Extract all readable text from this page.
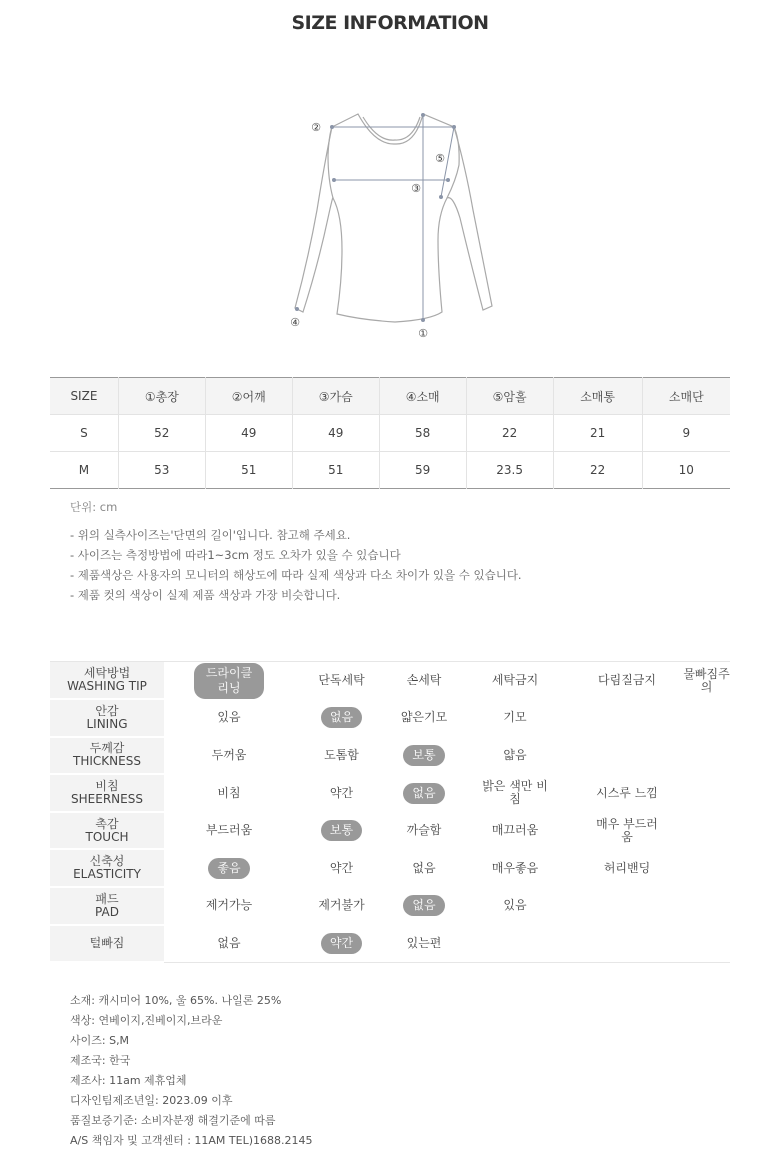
SIZE INFORMATION
①
②
③
④
⑤
SIZE	①총장	②어깨	③가슴	④소매	⑤암홀	소매통	소매단
S	52	49	49	58	22	21	9
M	53	51	51	59	23.5	22	10
단위: cm
- 위의 실측사이즈는'단면의 길이'입니다. 참고해 주세요.
- 사이즈는 측정방법에 따라1~3cm 정도 오차가 있을 수 있습니다
- 제품색상은 사용자의 모니터의 해상도에 따라 실제 색상과 다소 차이가 있을 수 있습니다.
- 제품 컷의 색상이 실제 제품 색상과 가장 비슷합니다.
세탁방법
WASHING TIP	드라이클리닝	단독세탁	손세탁	세탁금지	다림질금지	물빠짐주의

안감
LINING	있음	없음	얇은기모	기모		

두께감
THICKNESS	두꺼움	도톰함	보통	얇음		

비침
SHEERNESS	비침	약간	없음	밝은 색만 비침	시스루 느낌	

촉감
TOUCH	부드러움	보통	까슬함	매끄러움	매우 부드러움	

신축성
ELASTICITY	좋음	약간	없음	매우좋음	허리밴딩	

패드
PAD	제거가능	제거불가	없음	있음		

털빠짐	없음	약간	있는편			
소재: 캐시미어 10%, 울 65%. 나일론 25%
색상: 연베이지,진베이지,브라운
사이즈: S,M
제조국: 한국
제조사: 11am 제휴업체
디자인팀제조년일: 2023.09 이후
품질보증기준: 소비자분쟁 해결기준에 따름
A/S 책임자 및 고객센터 : 11AM TEL)1688.2145
